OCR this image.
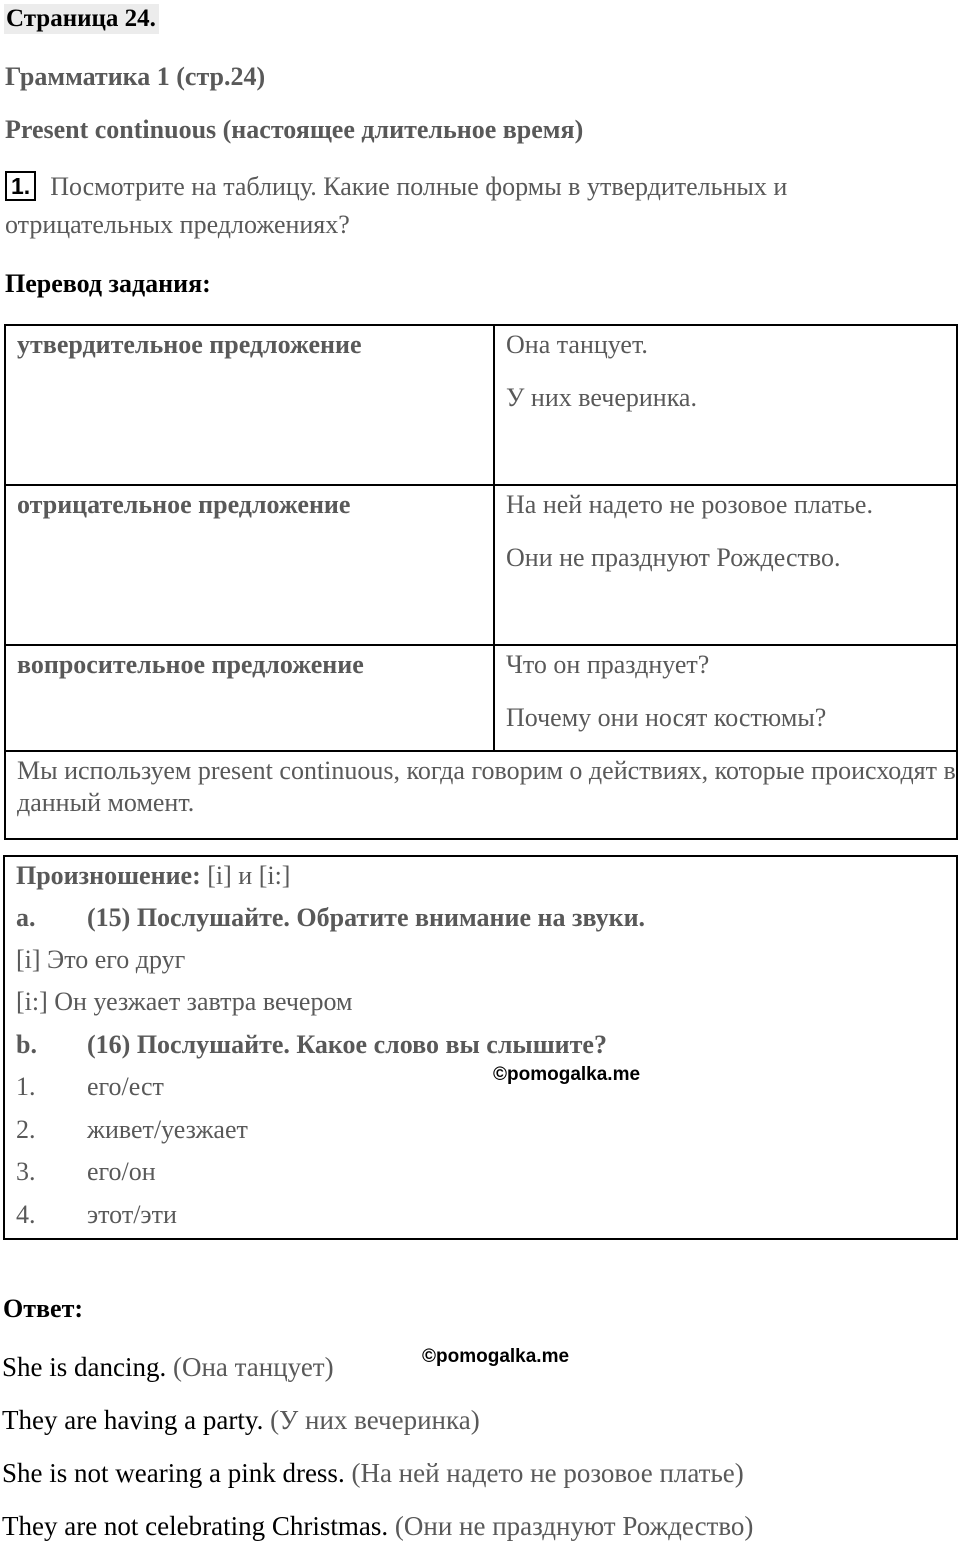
Страница 24.
Грамматика 1 (стр.24)
Present continuous (настоящее длительное время)
1. Посмотрите на таблицу. Какие полные формы в утвердительных и отрицательных предложениях?
Перевод задания:
утвердительное предложение	Она танцует.
У них вечеринка.

отрицательное предложение	На ней надето не розовое платье.
Они не празднуют Рождество.

вопросительное предложение	Что он празднует?
Почему они носят костюмы?

Мы используем present continuous, когда говорим о действиях, которые происходят в данный момент.	
Произношение: [i] и [i:]
a. (15) Послушайте. Обратите внимание на звуки.
[i] Это его друг
[i:] Он уезжает завтра вечером
b. (16) Послушайте. Какое слово вы слышите?
1. его/ест
2. живет/уезжает
3. его/он
4. этот/эти
©pomogalka.me
Ответ:
©pomogalka.me
She is dancing. (Она танцует)
They are having a party. (У них вечеринка)
She is not wearing a pink dress. (На ней надето не розовое платье)
They are not celebrating Christmas. (Они не празднуют Рождество)
